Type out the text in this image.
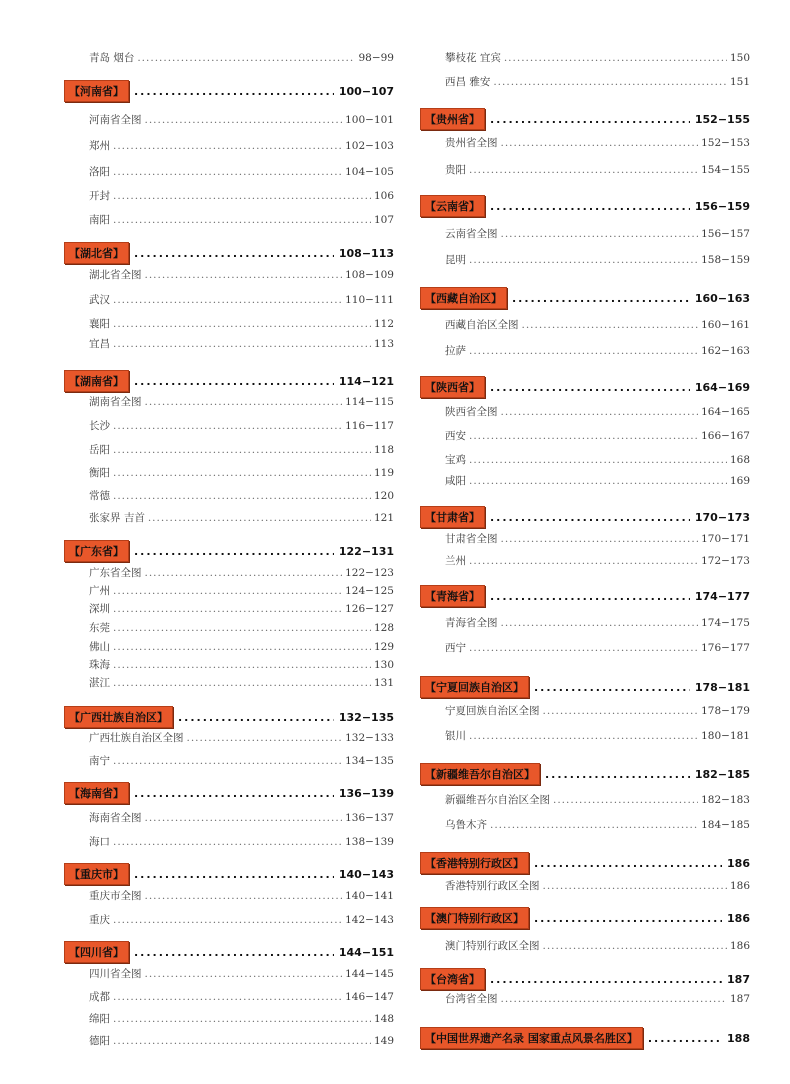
青岛 烟台 .....	98−99
【河南省】 .....	100−107
河南省全图 .....	100−101
郑州 .....	102−103
洛阳 .....	104−105
开封 .....	106
南阳 .....	107
【湖北省】 .....	108−113
湖北省全图 .....	108−109
武汉 .....	110−111
襄阳 .....	112
宜昌 .....	113
【湖南省】 .....	114−121
湖南省全图 .....	114−115
长沙 .....	116−117
岳阳 .....	118
衡阳 .....	119
常德 .....	120
张家界 吉首 .....	121
【广东省】 .....	122−131
广东省全图 .....	122−123
广州 .....	124−125
深圳 .....	126−127
东莞 .....	128
佛山 .....	129
珠海 .....	130
湛江 .....	131
【广西壮族自治区】 .....	132−135
广西壮族自治区全图 .....	132−133
南宁 .....	134−135
【海南省】 .....	136−139
海南省全图 .....	136−137
海口 .....	138−139
【重庆市】 .....	140−143
重庆市全图 .....	140−141
重庆 .....	142−143
【四川省】 .....	144−151
四川省全图 .....	144−145
成都 .....	146−147
绵阳 .....	148
德阳 .....	149
攀枝花 宜宾 .....	150
西昌 雅安 .....	151
【贵州省】 .....	152−155
贵州省全图 .....	152−153
贵阳 .....	154−155
【云南省】 .....	156−159
云南省全图 .....	156−157
昆明 .....	158−159
【西藏自治区】 .....	160−163
西藏自治区全图 .....	160−161
拉萨 .....	162−163
【陕西省】 .....	164−169
陕西省全图 .....	164−165
西安 .....	166−167
宝鸡 .....	168
咸阳 .....	169
【甘肃省】 .....	170−173
甘肃省全图 .....	170−171
兰州 .....	172−173
【青海省】 .....	174−177
青海省全图 .....	174−175
西宁 .....	176−177
【宁夏回族自治区】 .....	178−181
宁夏回族自治区全图 .....	178−179
银川 .....	180−181
【新疆维吾尔自治区】 .....	182−185
新疆维吾尔自治区全图 .....	182−183
乌鲁木齐 .....	184−185
【香港特别行政区】 .....	186
香港特别行政区全图 .....	186
【澳门特别行政区】 .....	186
澳门特别行政区全图 .....	186
【台湾省】 .....	187
台湾省全图 .....	187
【中国世界遗产名录 国家重点风景名胜区】 .....	188
